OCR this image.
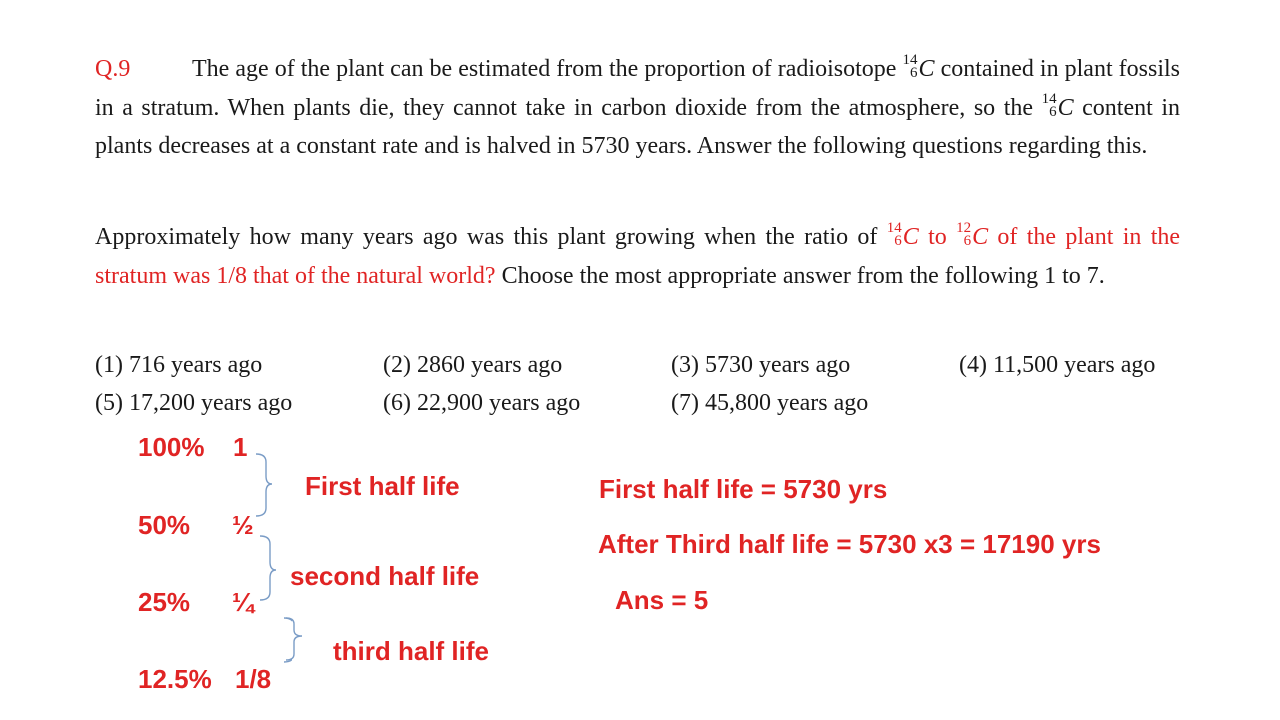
Q.9	The age of the plant can be estimated from the proportion of radioisotope 14
6 C contained in plant fossils in a stratum. When plants die, they cannot take in carbon dioxide from the atmosphere, so the 14
6 C content in plants decreases at a constant rate and is halved in 5730 years. Answer the following questions regarding this.

Approximately how many years ago was this plant growing when the ratio of 14
6 C to 12
6 C of the plant in the stratum was 1/8 that of the natural world? Choose the most appropriate answer from the following 1 to 7.

(1) 716 years ago	(2) 2860 years ago	(3) 5730 years ago	(4) 11,500 years ago
(5) 17,200 years ago	(6) 22,900 years ago	(7) 45,800 years ago
100% 1
50% ½
25% ¼
12.5% 1/8
First half life
second half life
third half life
First half life = 5730 yrs
After Third half life = 5730 x3 = 17190 yrs
Ans = 5
